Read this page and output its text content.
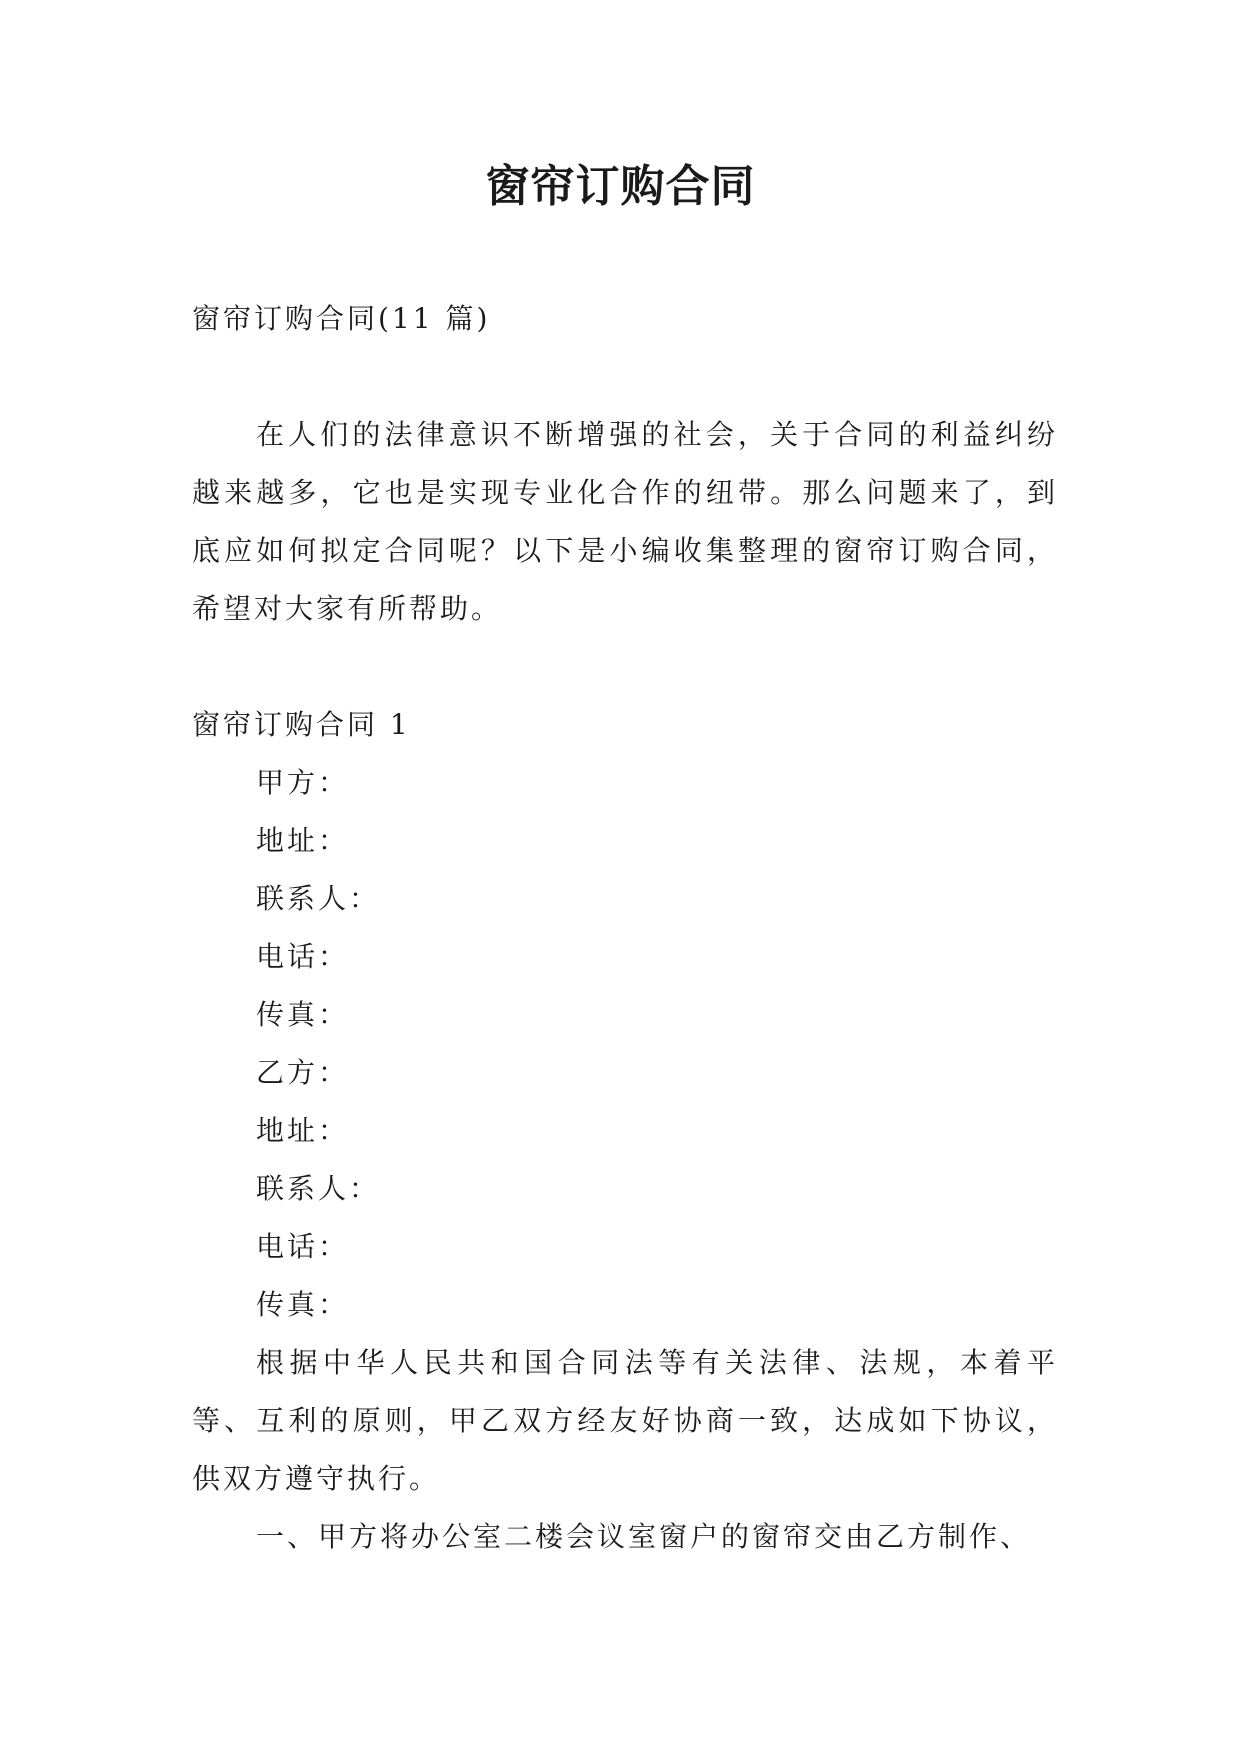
窗帘订购合同

窗帘订购合同(11 篇)

在人们的法律意识不断增强的社会，关于合同的利益纠纷越来越多，它也是实现专业化合作的纽带。那么问题来了，到底应如何拟定合同呢？以下是小编收集整理的窗帘订购合同，希望对大家有所帮助。

窗帘订购合同 1

甲方：

地址：

联系人：

电话：

传真：

乙方：

地址：

联系人：

电话：

传真：

根据中华人民共和国合同法等有关法律、法规，本着平等、互利的原则，甲乙双方经友好协商一致，达成如下协议，供双方遵守执行。

一、甲方将办公室二楼会议室窗户的窗帘交由乙方制作、
